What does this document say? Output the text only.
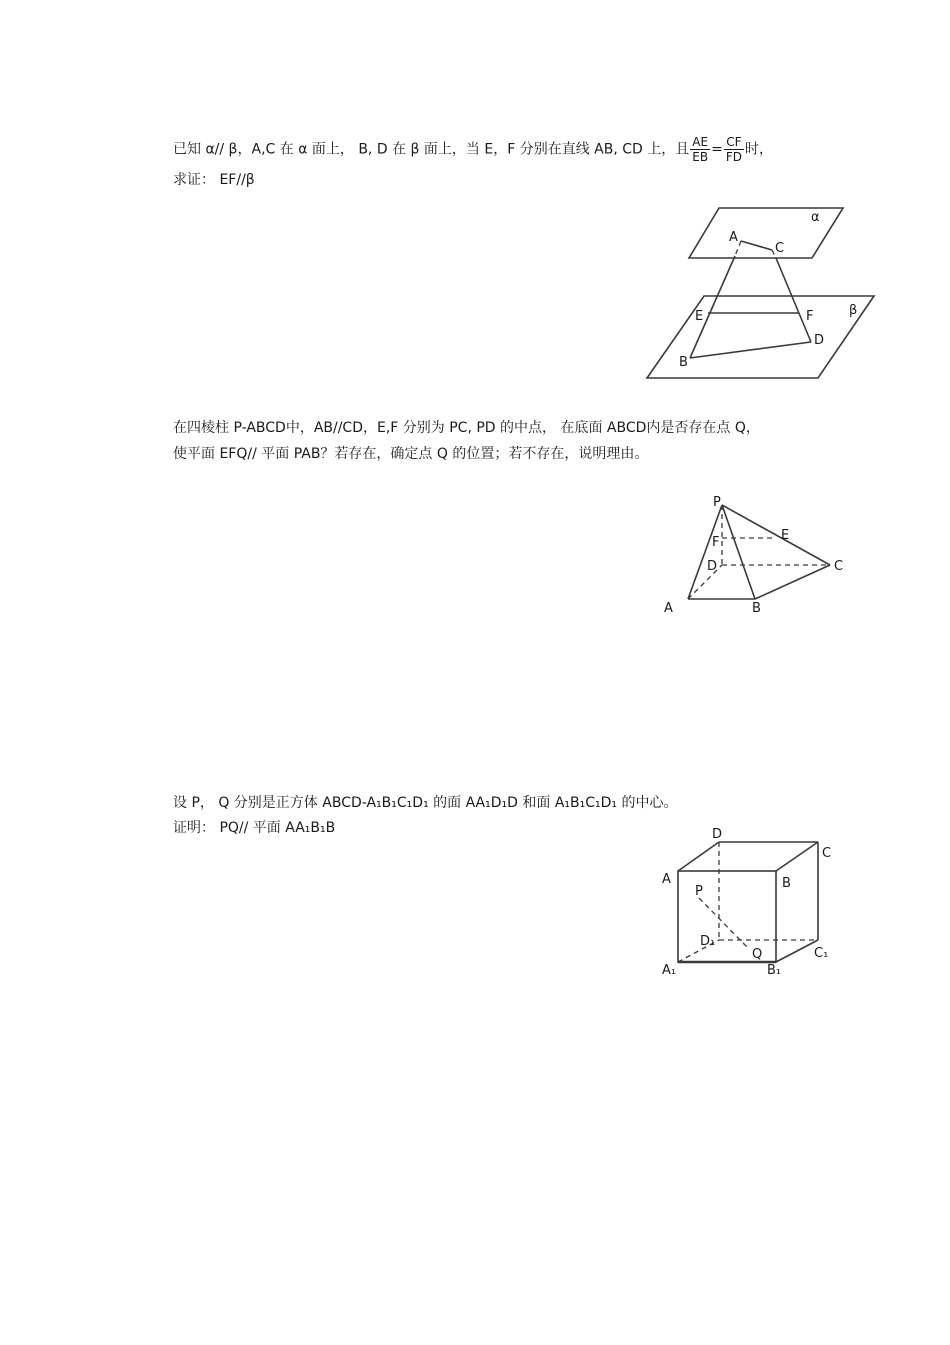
已知 α// β，A,C 在 α 面上， B, D 在 β 面上，当 E，F 分别在直线 AB, CD 上，且 $\frac{AE}{EB} = \frac{CF}{FD}$ 时，
求证： EF//β
α
A
C
β
E	F
D
B
在四棱柱 P-ABCD中，AB//CD，E,F 分别为 PC, PD 的中点， 在底面 ABCD内是否存在点 Q，
使平面 EFQ// 平面 PAB？若存在，确定点 Q 的位置；若不存在，说明理由。
P
E
F
D	C
A	B
设 P， Q 分别是正方体 ABCD-A₁B₁C₁D₁ 的面 AA₁D₁D 和面 A₁B₁C₁D₁ 的中心。
证明： PQ// 平面 AA₁B₁B	D
C
A	B
P
D₁
Q	C₁
A₁	B₁
